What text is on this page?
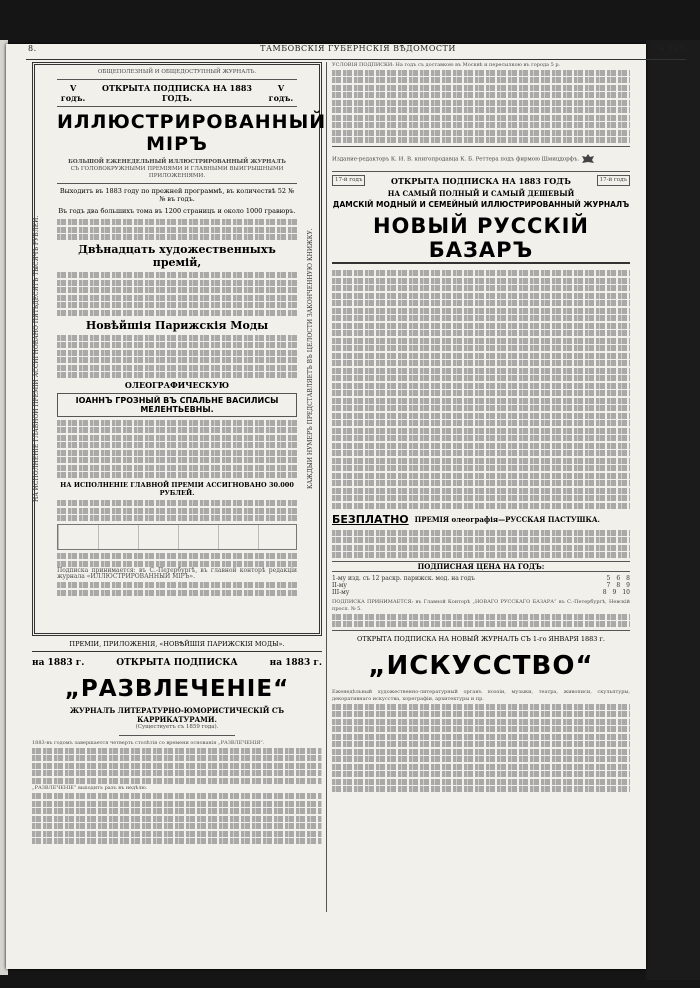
8.	ТАМБОВСКІЯ ГУБЕРНСКІЯ ВѢДОМОСТИ	№ 125.
НА ИСПОЛНЕНІЕ ГЛАВНОЙ ПРЕМІИ АССИГНОВАНО ПЯТЬДЕСЯТЪ ТЫСЯЧЪ РУБЛЕЙ.	КАЖДЫЙ НУМЕРЪ ПРЕДСТАВЛЯЕТЪ ВЪ ЦЕЛОСТИ ЗАКОНЧЕННУЮ КНИЖКУ.
ОБЩЕПОЛЕЗНЫЙ И ОБЩЕДОСТУПНЫЙ ЖУРНАЛЪ.
V годъ.
ОТКРЫТА ПОДПИСКА НА 1883 ГОДЪ.
V годъ.
ИЛЛЮСТРИРОВАННЫЙ МІРЪ
БОЛЬШОЙ ЕЖЕНЕДЕЛЬНЫЙ ИЛЛЮСТРИРОВАННЫЙ ЖУРНАЛЪ
СЪ ГОЛОВОКРУЖНЫМИ ПРЕМІЯМИ И ГЛАВНЫМИ ВЫИГРЫШНЫМИ ПРИЛОЖЕНІЯМИ.
Выходитъ въ 1883 году по прежней программѣ, въ количествѣ 52 №№ въ годъ.
Въ годъ два большихъ тома въ 1200 страницъ и около 1000 гравюръ.
Двѣнадцать художественныхъ премій,
Новѣйшія Парижскія Моды
ОЛЕОГРАФИЧЕСКУЮ
ІОАННЪ ГРОЗНЫЙ ВЪ СПАЛЬНЕ ВАСИЛИСЫ МЕЛЕНТЬЕВНЫ.
НА ИСПОЛНЕНІЕ ГЛАВНОЙ ПРЕМІИ АССИГНОВАНО 30.000 РУБЛЕЙ.
Подписка принимается: въ С.-Петербургѣ, въ главной конторѣ редакціи журнала «ИЛЛЮСТРИРОВАННЫЙ МІРЪ».
ПРЕМІИ, ПРИЛОЖЕНІЯ, «НОВѢЙШІЯ ПАРИЖСКІЯ МОДЫ».
на 1883 г.	ОТКРЫТА ПОДПИСКА	на 1883 г.
„РАЗВЛЕЧЕНІЕ“
ЖУРНАЛЪ ЛИТЕРАТУРНО-ЮМОРИСТИЧЕСКІЙ СЪ КАРРИКАТУРАМИ.
(Существуетъ съ 1859 года).
1883-въ годомъ завершается четверть столѣтія со времени основанія „РАЗВЛЕЧЕНІЯ“.
„РАЗВЛЕЧЕНІЕ“ выходитъ разъ въ недѣлю.
УСЛОВІЯ ПОДПИСКИ: На годъ съ доставкою въ Москвѣ и пересылкою въ города 5 р.
Издание-редакторъ К. И. В. книгопродавца К. Б. Реттера подъ фирмою Шмицдорфъ.
17-й годъ	ОТКРЫТА ПОДПИСКА НА 1883 ГОДЪ	17-й годъ
НА САМЫЙ ПОЛНЫЙ И САМЫЙ ДЕШЕВЫЙ
ДАМСКІЙ МОДНЫЙ И СЕМЕЙНЫЙ ИЛЛЮСТРИРОВАННЫЙ ЖУРНАЛЪ
НОВЫЙ РУССКІЙ БАЗАРЪ
БЕЗПЛАТНО ПРЕМІЯ олеографія—РУССКАЯ ПАСТУШКА.
ПОДПИСНАЯ ЦЕНА НА ГОДЪ:
1-му изд. съ 12 раскр. парижск. мод. на годъ	5 6 8
II-му	7 8 9
III-му	8 9 10
ПОДПИСКА ПРИНИМАЕТСЯ: въ Главной Конторѣ „НОВАГО РУССКАГО БАЗАРА“ въ С.-Петербургѣ, Невскій просп. № 5.
ОТКРЫТА ПОДПИСКА НА НОВЫЙ ЖУРНАЛЪ СЪ 1-го ЯНВАРЯ 1883 г.
„ИСКУССТВО“
Еженедѣльный художественно-литературный органъ поэзіи, музыки, театра, живописи, скульптуры, декоративнаго искусства, хореграфіи, архитектуры и пр.
